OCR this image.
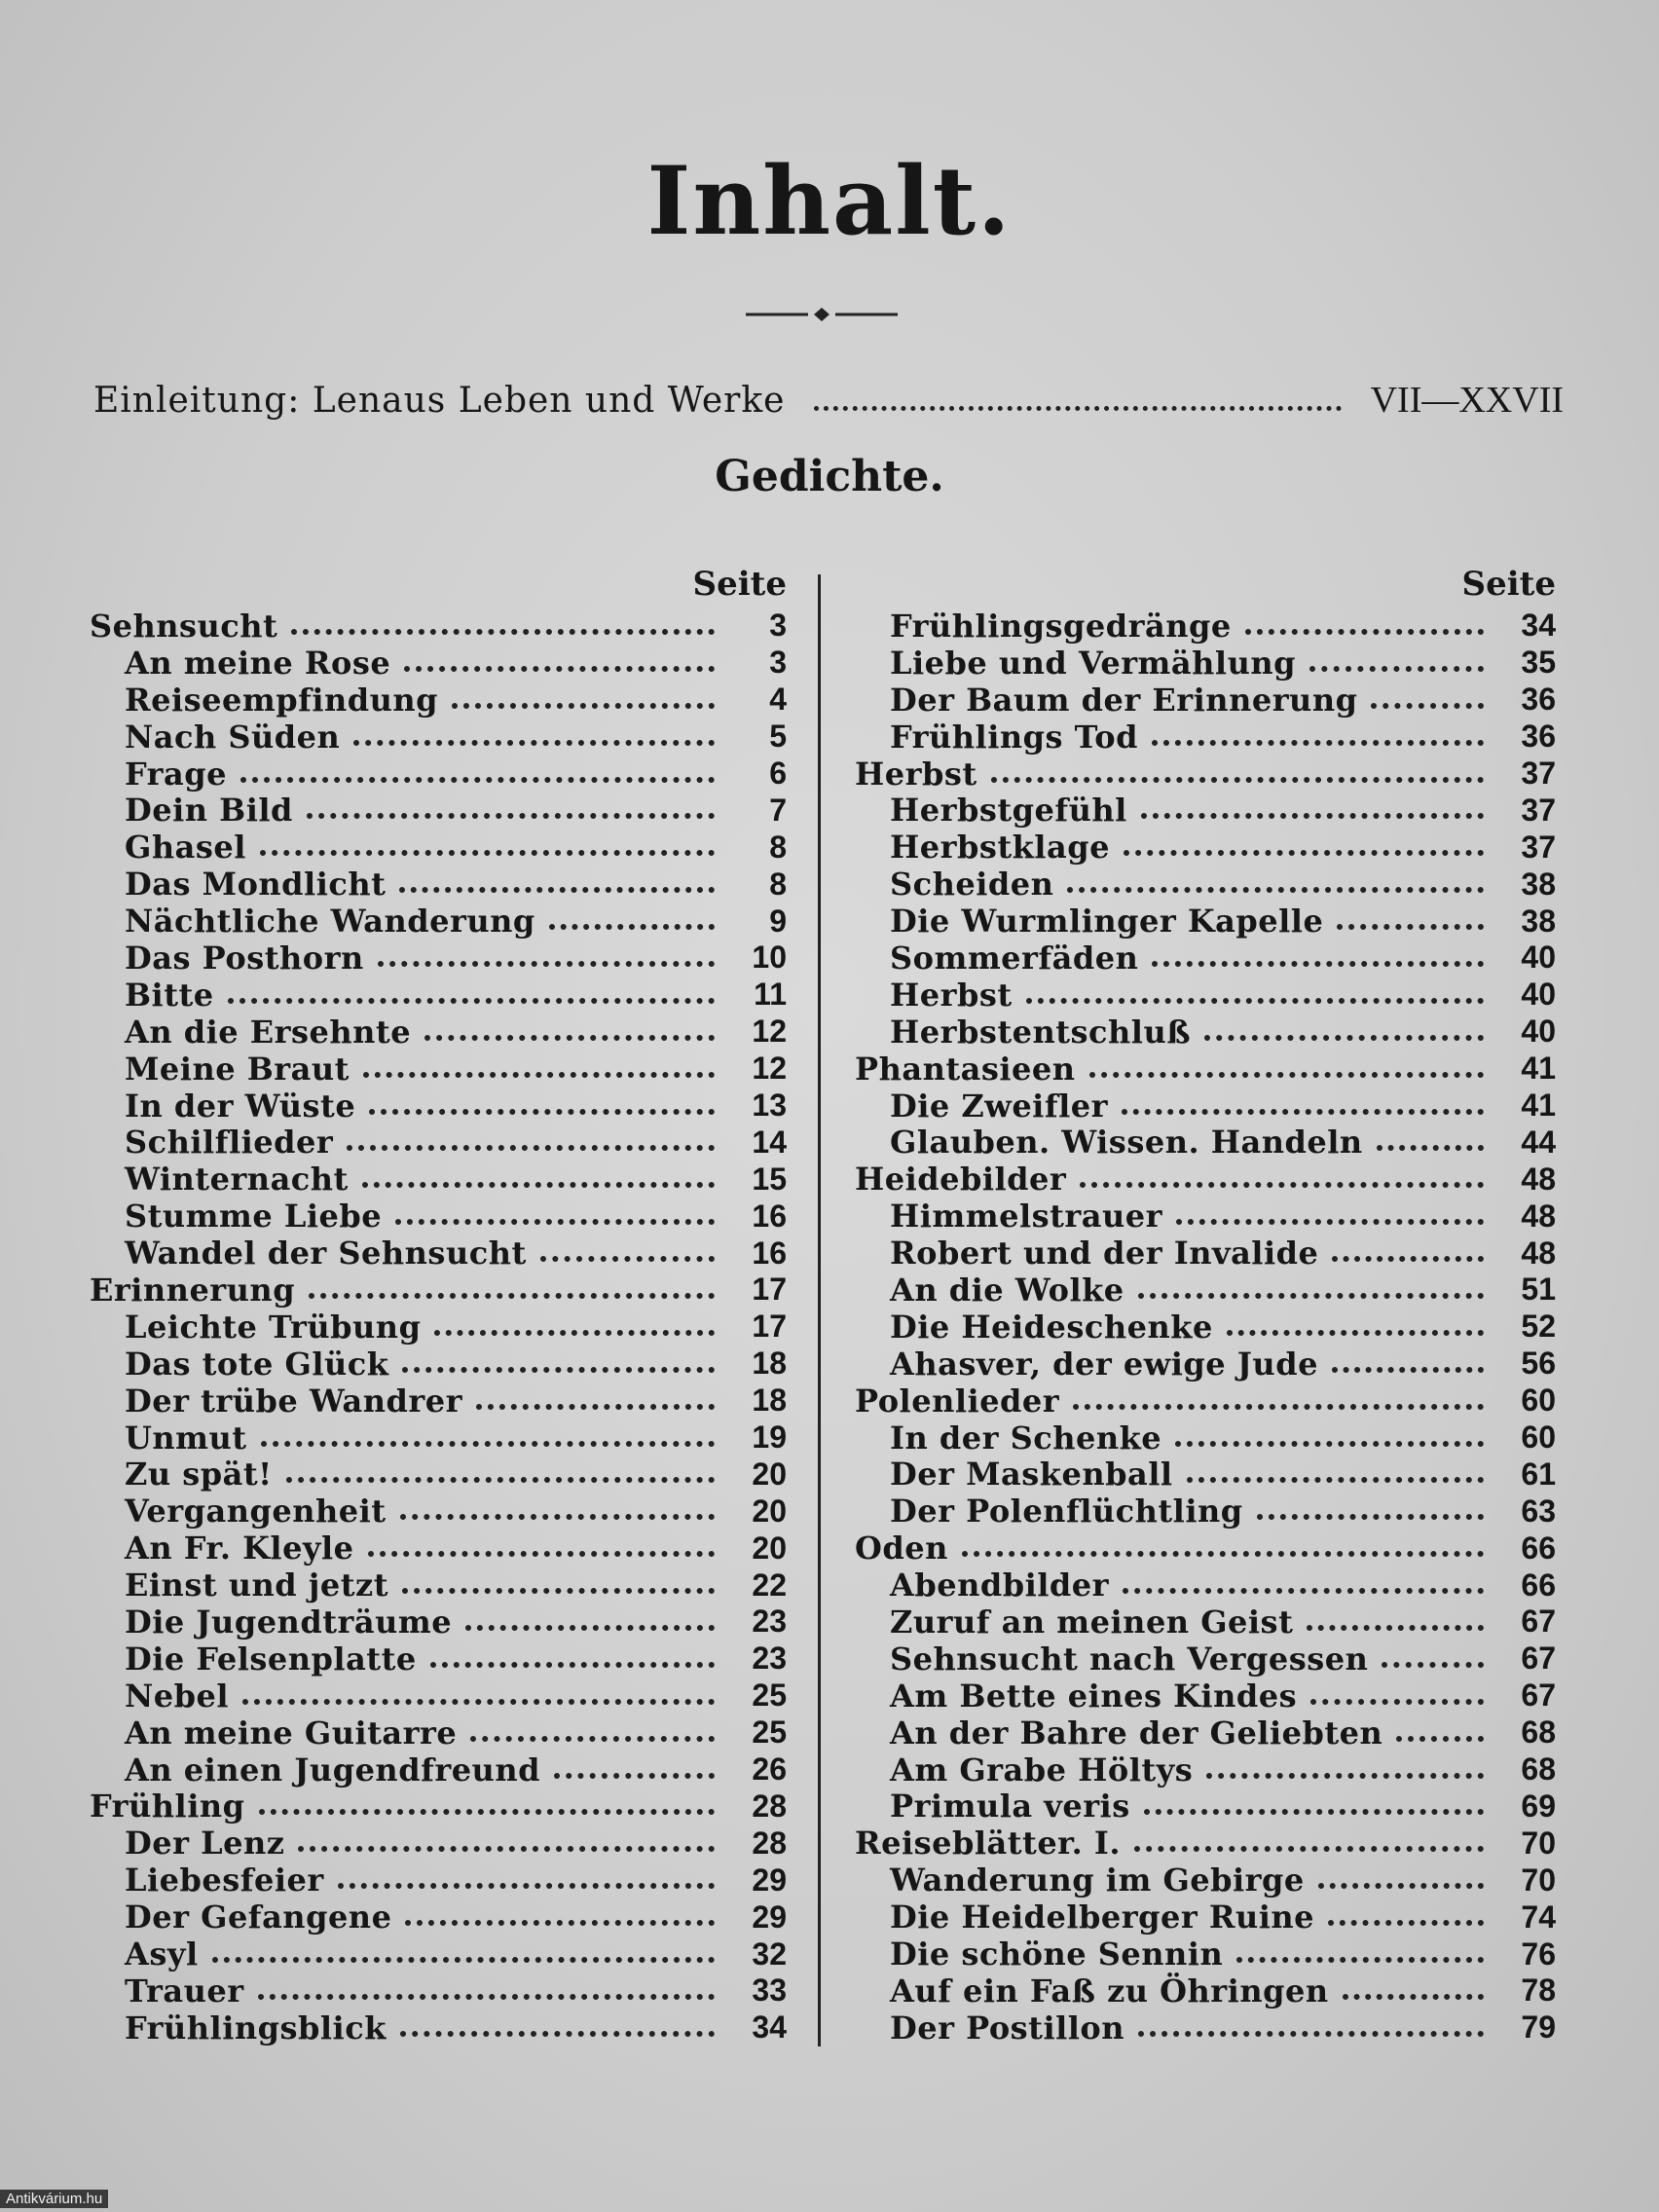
Inhalt.
Einleitung: Lenaus Leben und Werke	VII—XXVII
Gedichte.
Seite	Seite
Sehnsucht	3
An meine Rose	3
Reiseempfindung	4
Nach Süden	5
Frage	6
Dein Bild	7
Ghasel	8
Das Mondlicht	8
Nächtliche Wanderung	9
Das Posthorn	10
Bitte	11
An die Ersehnte	12
Meine Braut	12
In der Wüste	13
Schilflieder	14
Winternacht	15
Stumme Liebe	16
Wandel der Sehnsucht	16
Erinnerung	17
Leichte Trübung	17
Das tote Glück	18
Der trübe Wandrer	18
Unmut	19
Zu spät!	20
Vergangenheit	20
An Fr. Kleyle	20
Einst und jetzt	22
Die Jugendträume	23
Die Felsenplatte	23
Nebel	25
An meine Guitarre	25
An einen Jugendfreund	26
Frühling	28
Der Lenz	28
Liebesfeier	29
Der Gefangene	29
Asyl	32
Trauer	33
Frühlingsblick	34
Frühlingsgedränge	34
Liebe und Vermählung	35
Der Baum der Erinnerung	36
Frühlings Tod	36
Herbst	37
Herbstgefühl	37
Herbstklage	37
Scheiden	38
Die Wurmlinger Kapelle	38
Sommerfäden	40
Herbst	40
Herbstentschluß	40
Phantasieen	41
Die Zweifler	41
Glauben. Wissen. Handeln	44
Heidebilder	48
Himmelstrauer	48
Robert und der Invalide	48
An die Wolke	51
Die Heideschenke	52
Ahasver, der ewige Jude	56
Polenlieder	60
In der Schenke	60
Der Maskenball	61
Der Polenflüchtling	63
Oden	66
Abendbilder	66
Zuruf an meinen Geist	67
Sehnsucht nach Vergessen	67
Am Bette eines Kindes	67
An der Bahre der Geliebten	68
Am Grabe Höltys	68
Primula veris	69
Reiseblätter. I.	70
Wanderung im Gebirge	70
Die Heidelberger Ruine	74
Die schöne Sennin	76
Auf ein Faß zu Öhringen	78
Der Postillon	79
Antikvárium.hu
